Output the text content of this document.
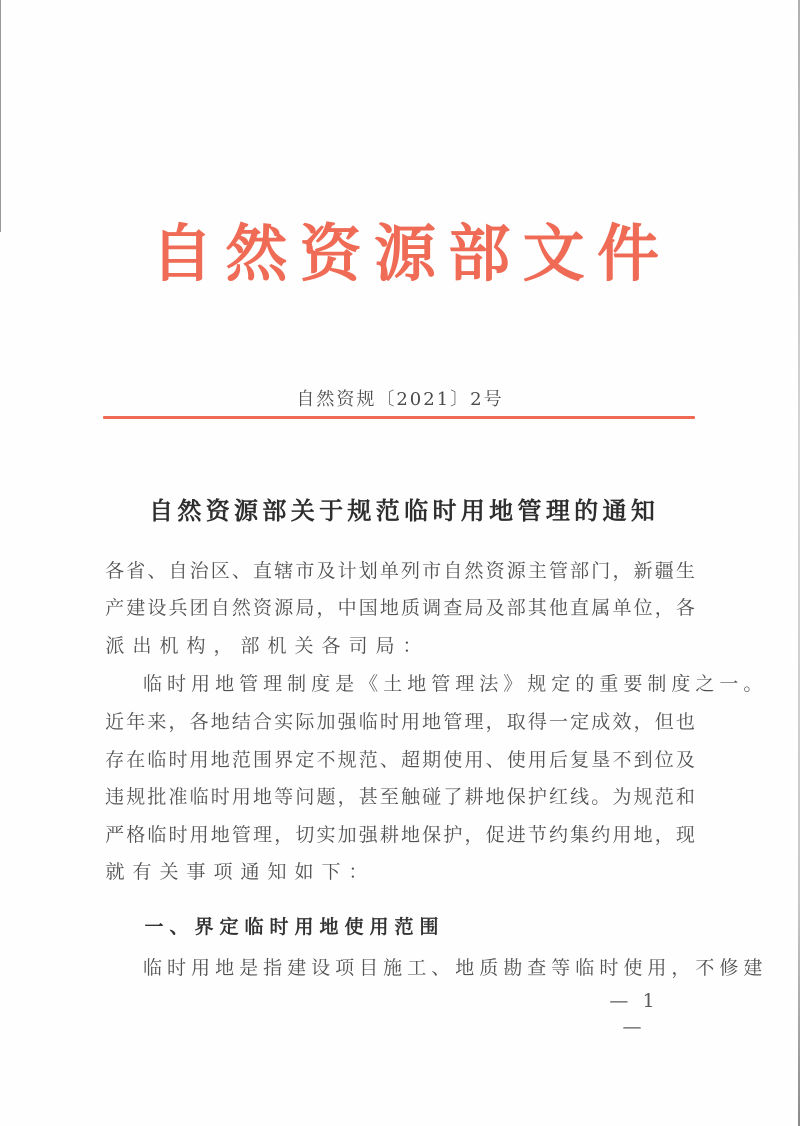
自 然 资 源 部 文 件
自然资规〔2021〕2号
自 然 资 源 部 关 于 规 范 临 时 用 地 管 理 的 通 知
各 省 、 自 治 区 、 直 辖 市 及 计 划 单 列 市 自 然 资 源 主 管 部 门 ， 新 疆 生
产 建 设 兵 团 自 然 资 源 局 ， 中 国 地 质 调 查 局 及 部 其 他 直 属 单 位 ， 各
派 出 机 构 ， 部 机 关 各 司 局 ：

临 时 用 地 管 理 制 度 是 《 土 地 管 理 法 》 规 定 的 重 要 制 度 之 一 。
近 年 来 ， 各 地 结 合 实 际 加 强 临 时 用 地 管 理 ， 取 得 一 定 成 效 ， 但 也
存 在 临 时 用 地 范 围 界 定 不 规 范 、 超 期 使 用 、 使 用 后 复 垦 不 到 位 及
违 规 批 准 临 时 用 地 等 问 题 ， 甚 至 触 碰 了 耕 地 保 护 红 线 。 为 规 范 和
严 格 临 时 用 地 管 理 ， 切 实 加 强 耕 地 保 护 ， 促 进 节 约 集 约 用 地 ， 现
就 有 关 事 项 通 知 如 下 ：
一 、 界 定 临 时 用 地 使 用 范 围

临 时 用 地 是 指 建 设 项 目 施 工 、 地 质 勘 查 等 临 时 使 用 ， 不 修 建
— 1 —
